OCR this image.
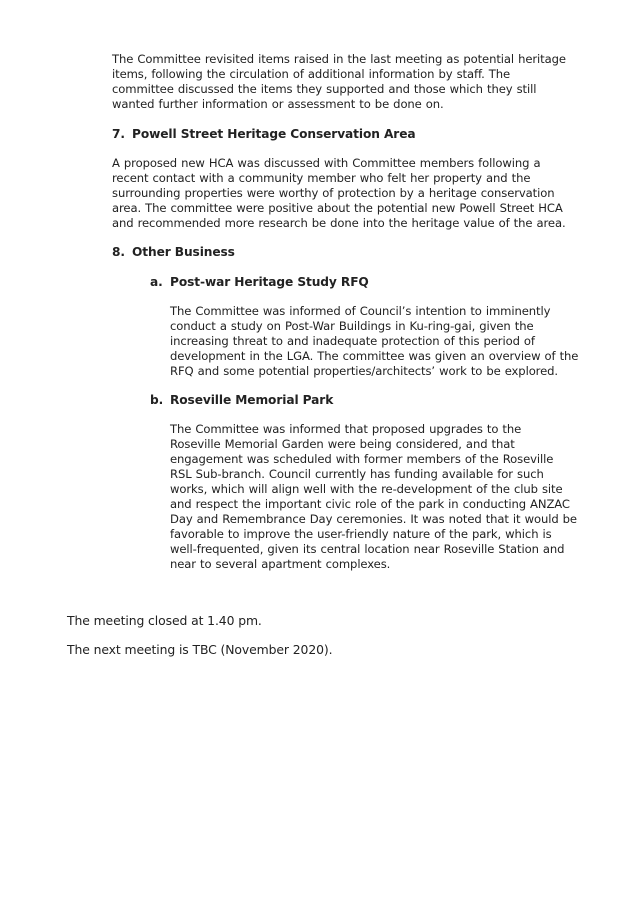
The Committee revisited items raised in the last meeting as potential heritage
items, following the circulation of additional information by staff. The
committee discussed the items they supported and those which they still
wanted further information or assessment to be done on.

7. Powell Street Heritage Conservation Area

A proposed new HCA was discussed with Committee members following a
recent contact with a community member who felt her property and the
surrounding properties were worthy of protection by a heritage conservation
area. The committee were positive about the potential new Powell Street HCA
and recommended more research be done into the heritage value of the area.

8. Other Business
a. Post-war Heritage Study RFQ

The Committee was informed of Council’s intention to imminently
conduct a study on Post-War Buildings in Ku-ring-gai, given the
increasing threat to and inadequate protection of this period of
development in the LGA. The committee was given an overview of the
RFQ and some potential properties/architects’ work to be explored.

b. Roseville Memorial Park

The Committee was informed that proposed upgrades to the
Roseville Memorial Garden were being considered, and that
engagement was scheduled with former members of the Roseville
RSL Sub-branch. Council currently has funding available for such
works, which will align well with the re-development of the club site
and respect the important civic role of the park in conducting ANZAC
Day and Remembrance Day ceremonies. It was noted that it would be
favorable to improve the user-friendly nature of the park, which is
well-frequented, given its central location near Roseville Station and
near to several apartment complexes.

The meeting closed at 1.40 pm.

The next meeting is TBC (November 2020).
